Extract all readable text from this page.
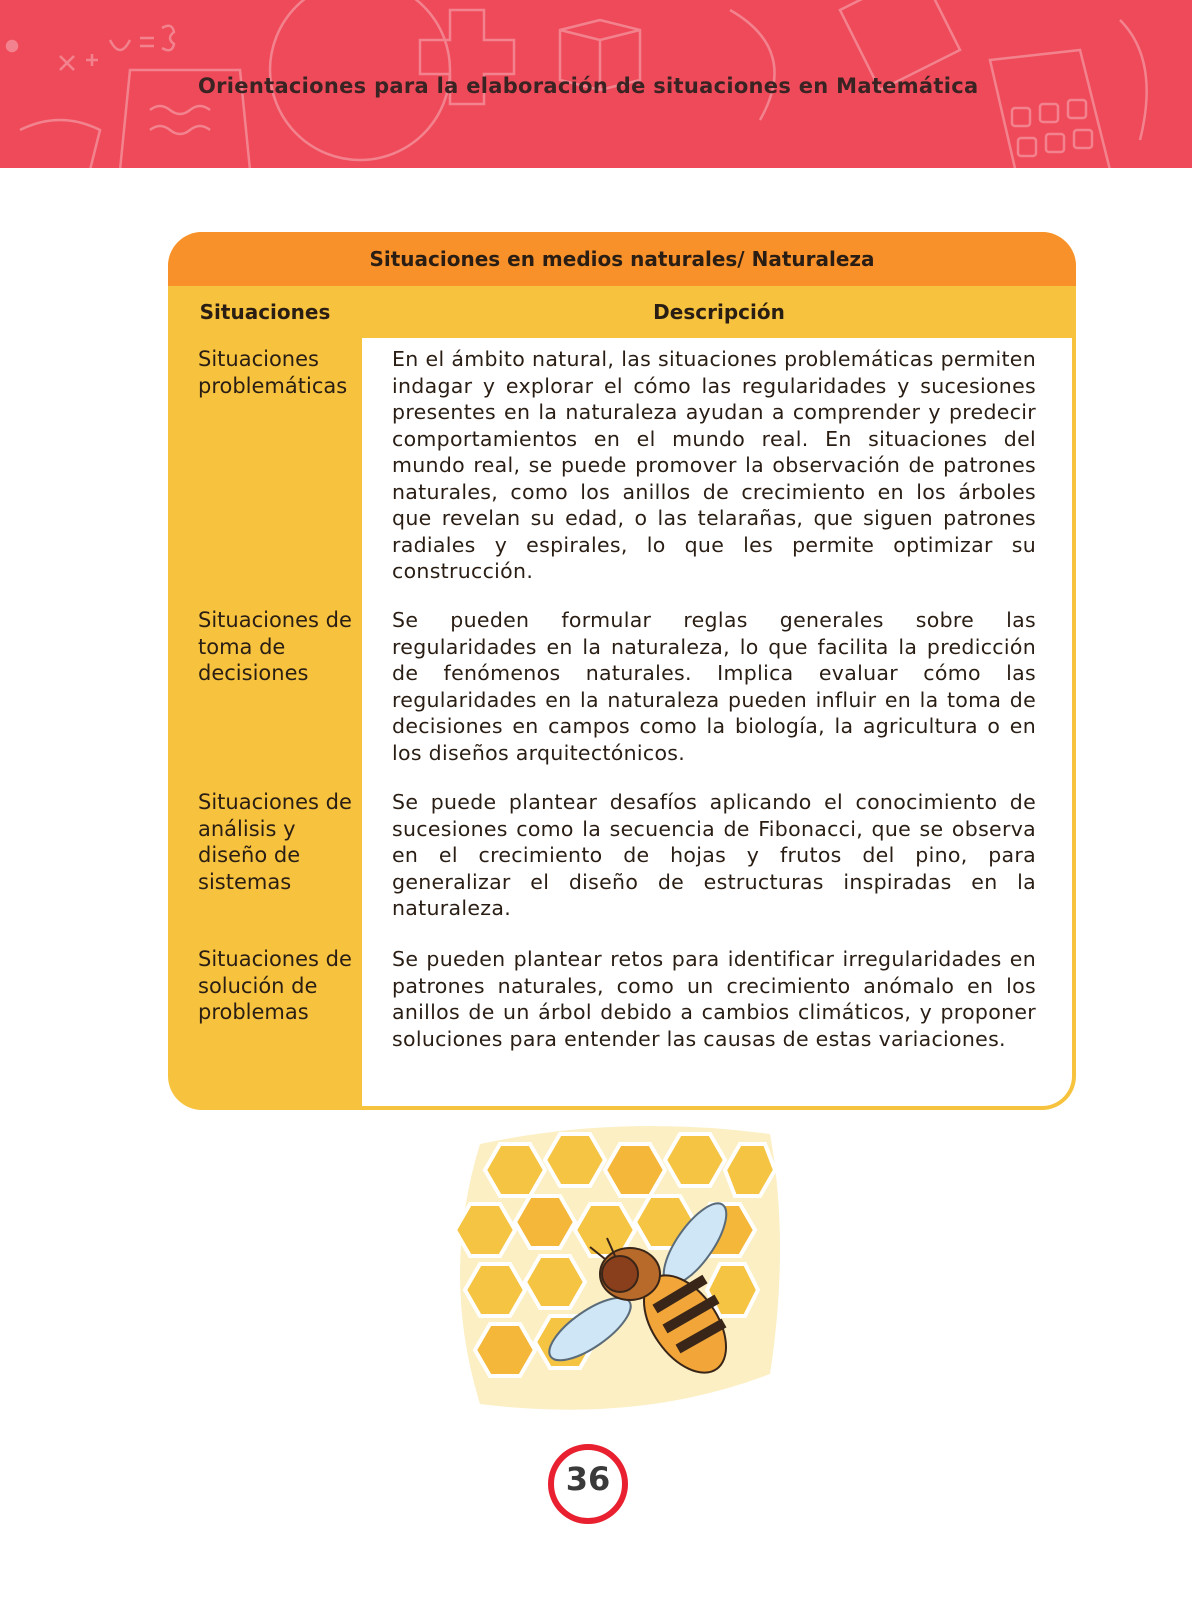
Orientaciones para la elaboración de situaciones en Matemática
Situaciones en medios naturales/ Naturaleza
Situaciones	Descripción
Situaciones problemáticas
En el ámbito natural, las situaciones problemáticas permiten indagar y explorar el cómo las regularidades y sucesiones presentes en la naturaleza ayudan a comprender y predecir comportamientos en el mundo real. En situaciones del mundo real, se puede promover la observación de patrones naturales, como los anillos de crecimiento en los árboles que revelan su edad, o las telarañas, que siguen patrones radiales y espirales, lo que les permite optimizar su construcción.
Situaciones de toma de decisiones
Se pueden formular reglas generales sobre las regularidades en la naturaleza, lo que facilita la predicción de fenómenos naturales. Implica evaluar cómo las regularidades en la naturaleza pueden influir en la toma de decisiones en campos como la biología, la agricultura o en los diseños arquitectónicos.
Situaciones de análisis y diseño de sistemas
Se puede plantear desafíos aplicando el conocimiento de sucesiones como la secuencia de Fibonacci, que se observa en el crecimiento de hojas y frutos del pino, para generalizar el diseño de estructuras inspiradas en la naturaleza.
Situaciones de solución de problemas
Se pueden plantear retos para identificar irregularidades en patrones naturales, como un crecimiento anómalo en los anillos de un árbol debido a cambios climáticos, y proponer soluciones para entender las causas de estas variaciones.
36
